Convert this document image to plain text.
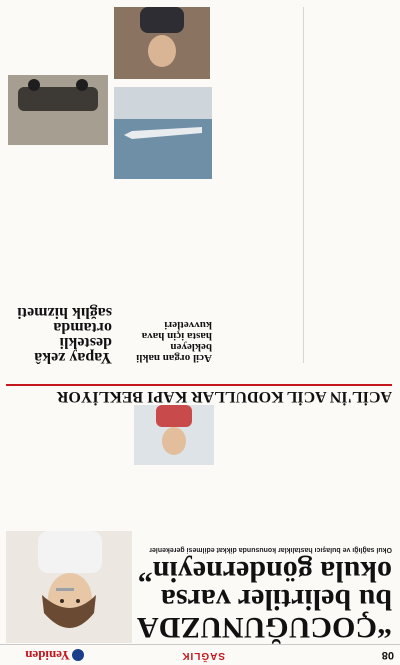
08
SAĞLIK
Yeniden
“ÇOCUĞUNUZDA
bu belirtiler varsa
okula gönderneyin”
Okul sağlığı ve bulaşıcı hastalıklar konusunda dikkat edilmesi gerekenler

ACİL'İN ACİL KODULLAR KAPI BEKLİYOR
Acil organ nakli bekleyen
hasta için hava kuvvetleri
Yapay zekâ
destekli ortamda
sağlık hizmeti
